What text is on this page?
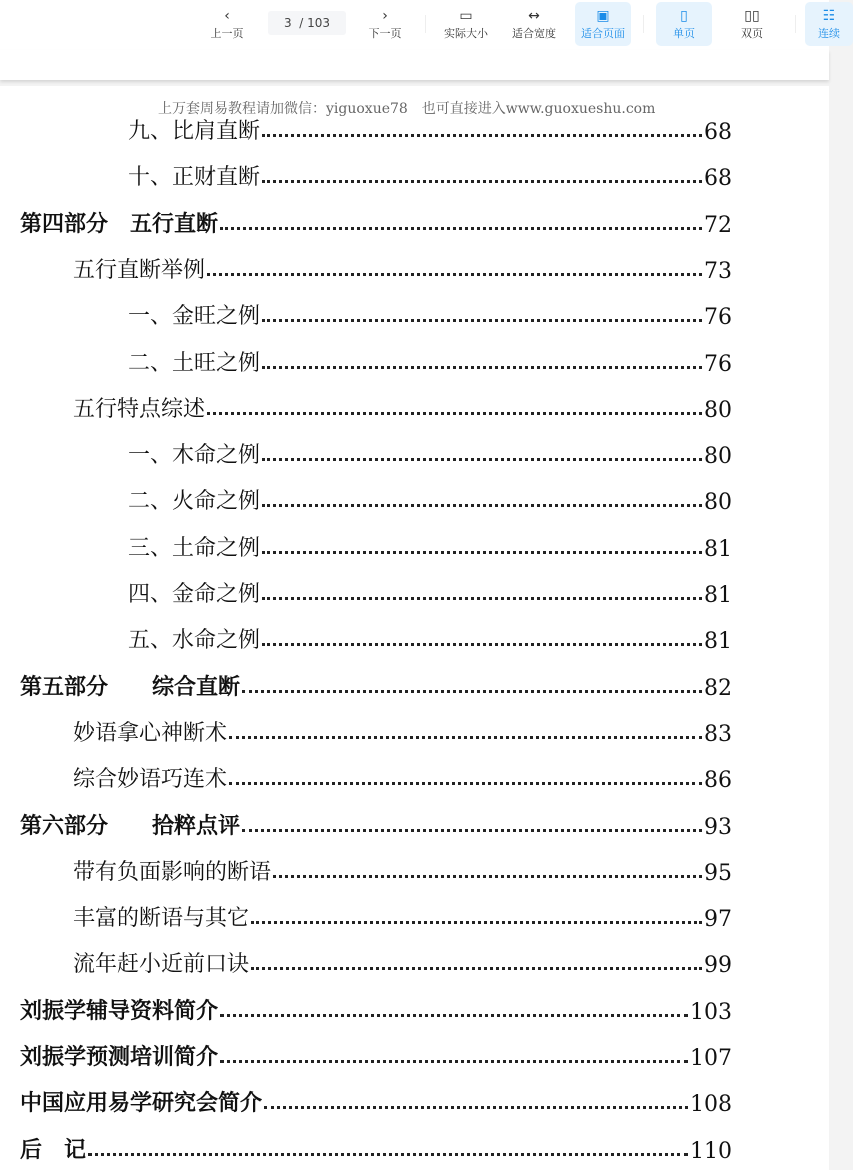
‹
上一页
3
/ 103	›
下一页
▭
实际大小
↔
适合宽度
▣
适合页面
▯
单页
▯▯
双页
☷
连续
上万套周易教程请加微信：yiguoxue78　也可直接进入www.guoxueshu.com
九、比肩直断	68
十、正财直断	68
第四部分　五行直断	72
五行直断举例	73
一、金旺之例	76
二、土旺之例	76
五行特点综述	80
一、木命之例	80
二、火命之例	80
三、土命之例	81
四、金命之例	81
五、水命之例	81
第五部分　　综合直断	82
妙语拿心神断术	83
综合妙语巧连术	86
第六部分　　拾粹点评	93
带有负面影响的断语	95
丰富的断语与其它	97
流年赶小近前口诀	99
刘振学辅导资料简介	103
刘振学预测培训简介	107
中国应用易学研究会简介	108
后　记	110
